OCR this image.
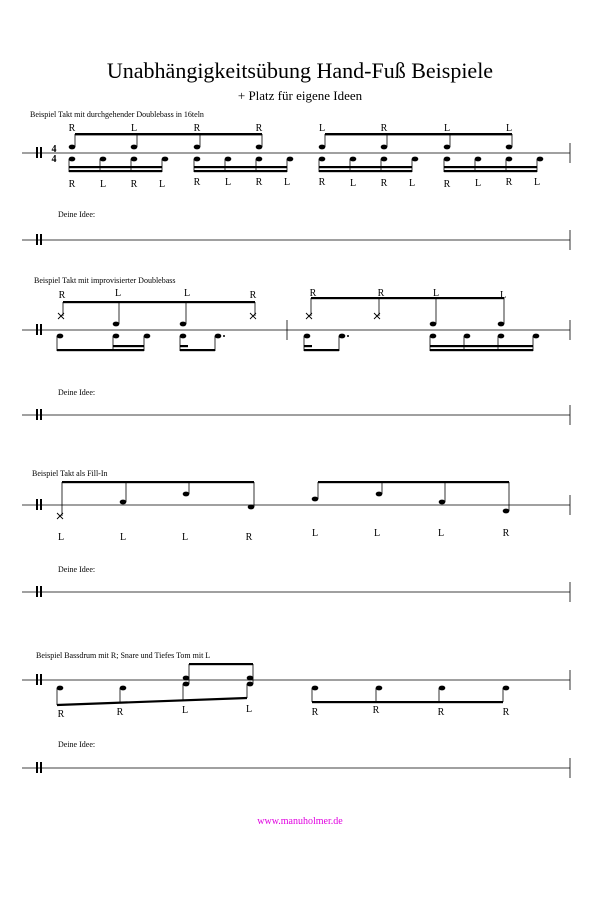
Unabhängigkeitsübung Hand-Fuß Beispiele
+ Platz für eigene Ideen
Beispiel Takt mit durchgehender Doublebass in 16teln
4
4
R	L	R	R	L	R	L	L
R L R L	R L R L	R L R L	R L R L
Deine Idee:
Beispiel Takt mit improvisierter Doublebass
R	L	L	R	R	R	L	L
Deine Idee:
Beispiel Takt als Fill-In
L	L	L	R	L	L	L	R
Deine Idee:
Beispiel Bassdrum mit R; Snare und Tiefes Tom mit L
R	R	L	L	R	R	R	R
Deine Idee:
www.manuholmer.de
